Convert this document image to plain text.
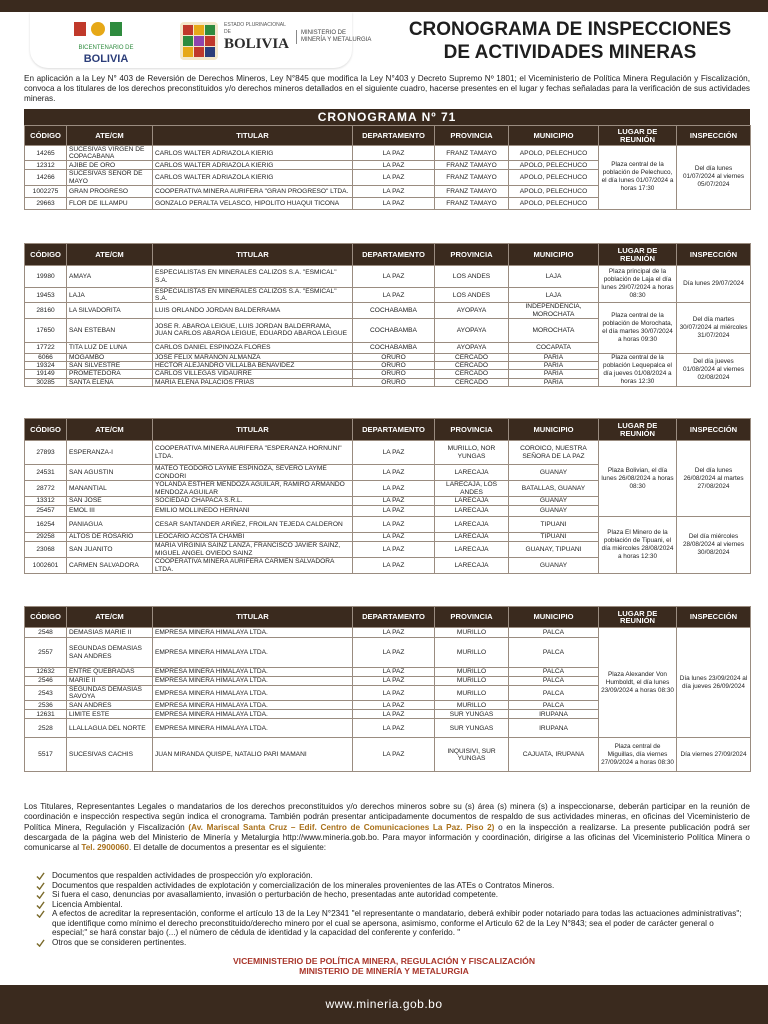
BICENTENARIO DE
BOLIVIA
ESTADO PLURINACIONAL DE
BOLIVIA
MINISTERIO DE
MINERÍA Y METALURGIA	CRONOGRAMA DE INSPECCIONES
DE ACTIVIDADES MINERAS
En aplicación a la Ley N° 403 de Reversión de Derechos Mineros, Ley N°845 que modifica la Ley N°403 y Decreto Supremo Nº 1801; el Viceministerio de Política Minera Regulación y Fiscalización, convoca a los titulares de los derechos preconstituidos y/o derechos mineros detallados en el siguiente cuadro, hacerse presentes en el lugar y fechas señaladas para la verificación de sus actividades mineras.
CRONOGRAMA Nº 71
CÓDIGO	ATE/CM	TITULAR	DEPARTAMENTO	PROVINCIA	MUNICIPIO	LUGAR DE REUNIÓN	INSPECCIÓN
14265	SUCESIVAS VIRGEN DE COPACABANA	CARLOS WALTER ADRIAZOLA KIERIG	LA PAZ	FRANZ TAMAYO	APOLO, PELECHUCO	Plaza central de la población de Pelechuco, el día lunes 01/07/2024 a horas 17:30	Del día lunes 01/07/2024 al viernes 05/07/2024
12312	AJIBE DE ORO	CARLOS WALTER ADRIAZOLA KIERIG	LA PAZ	FRANZ TAMAYO	APOLO, PELECHUCO		
14266	SUCESIVAS SEÑOR DE MAYO	CARLOS WALTER ADRIAZOLA KIERIG	LA PAZ	FRANZ TAMAYO	APOLO, PELECHUCO		
1002275	GRAN PROGRESO	COOPERATIVA MINERA AURIFERA "GRAN PROGRESO" LTDA.	LA PAZ	FRANZ TAMAYO	APOLO, PELECHUCO		
29663	FLOR DE ILLAMPU	GONZALO PERALTA VELASCO, HIPOLITO HUAQUI TICONA	LA PAZ	FRANZ TAMAYO	APOLO, PELECHUCO		
CÓDIGO	ATE/CM	TITULAR	DEPARTAMENTO	PROVINCIA	MUNICIPIO	LUGAR DE REUNIÓN	INSPECCIÓN
19980	AMAYA	ESPECIALISTAS EN MINERALES CALIZOS S.A. "ESMICAL" S.A.	LA PAZ	LOS ANDES	LAJA	Plaza principal de la población de Laja el día lunes 29/07/2024 a horas 08:30	Día lunes 29/07/2024
19453	LAJA	ESPECIALISTAS EN MINERALES CALIZOS S.A. "ESMICAL" S.A.	LA PAZ	LOS ANDES	LAJA		
28160	LA SILVADORITA	LUIS ORLANDO JORDAN BALDERRAMA	COCHABAMBA	AYOPAYA	INDEPENDENCIA, MOROCHATA	Plaza central de la población de Morochata, el día martes 30/07/2024 a horas 09:30	Del día martes 30/07/2024 al miércoles 31/07/2024
17650	SAN ESTEBAN	JOSE R. ABAROA LEIGUE, LUIS JORDAN BALDERRAMA, JUAN CARLOS ABAROA LEIGUE, EDUARDO ABAROA LEIGUE	COCHABAMBA	AYOPAYA	MOROCHATA		
17722	TITA LUZ DE LUNA	CARLOS DANIEL ESPINOZA FLORES	COCHABAMBA	AYOPAYA	COCAPATA		
6066	MOGAMBO	JOSE FELIX MARAÑON ALMANZA	ORURO	CERCADO	PARIA	Plaza central de la población Lequepalca el día jueves 01/08/2024 a horas 12:30	Del día jueves 01/08/2024 al viernes 02/08/2024
19324	SAN SILVESTRE	HECTOR ALEJANDRO VILLALBA BENAVIDEZ	ORURO	CERCADO	PARIA		
19149	PROMETEDORA	CARLOS VILLEGAS VIDAURRE	ORURO	CERCADO	PARIA		
30285	SANTA ELENA	MARIA ELENA PALACIOS FRIAS	ORURO	CERCADO	PARIA		
CÓDIGO	ATE/CM	TITULAR	DEPARTAMENTO	PROVINCIA	MUNICIPIO	LUGAR DE REUNIÓN	INSPECCIÓN
27893	ESPERANZA-I	COOPERATIVA MINERA AURIFERA "ESPERANZA HORNUNI" LTDA.	LA PAZ	MURILLO, NOR YUNGAS	COROICO, NUESTRA SEÑORA DE LA PAZ	Plaza Bolivian, el día lunes 26/08/2024 a horas 08:30	Del día lunes 26/08/2024 al martes 27/08/2024
24531	SAN AGUSTIN	MATEO TEODORO LAYME ESPINOZA, SEVERO LAYME CONDORI	LA PAZ	LARECAJA	GUANAY		
28772	MANANTIAL	YOLANDA ESTHER MENDOZA AGUILAR, RAMIRO ARMANDO MENDOZA AGUILAR	LA PAZ	LARECAJA, LOS ANDES	BATALLAS, GUANAY		
13312	SAN JOSE	SOCIEDAD CHAPACA S.R.L.	LA PAZ	LARECAJA	GUANAY		
25457	EMOL III	EMILIO MOLLINEDO HERNANI	LA PAZ	LARECAJA	GUANAY		
16254	PANIAGUA	CESAR SANTANDER ARIÑEZ, FROILAN TEJEDA CALDERON	LA PAZ	LARECAJA	TIPUANI	Plaza El Minero de la población de Tipuani, el día miércoles 28/08/2024 a horas 12:30	Del día miércoles 28/08/2024 al viernes 30/08/2024
29258	ALTOS DE ROSARIO	LEOCARIO ACOSTA CHAMBI	LA PAZ	LARECAJA	TIPUANI		
23068	SAN JUANITO	MARIA VIRGINIA SAINZ LANZA, FRANCISCO JAVIER SAINZ, MIGUEL ANGEL OVIEDO SAINZ	LA PAZ	LARECAJA	GUANAY, TIPUANI		
1002601	CARMEN SALVADORA	COOPERATIVA MINERA AURIFERA CARMEN SALVADORA LTDA.	LA PAZ	LARECAJA	GUANAY		
CÓDIGO	ATE/CM	TITULAR	DEPARTAMENTO	PROVINCIA	MUNICIPIO	LUGAR DE REUNIÓN	INSPECCIÓN
2548	DEMASIAS MARIE II	EMPRESA MINERA HIMALAYA LTDA.	LA PAZ	MURILLO	PALCA	Plaza Alexander Von Humboldt, el día lunes 23/09/2024 a horas 08:30	Día lunes 23/09/2024 al día jueves 26/09/2024
2557	SEGUNDAS DEMASIAS SAN ANDRES	EMPRESA MINERA HIMALAYA LTDA.	LA PAZ	MURILLO	PALCA		
12632	ENTRE QUEBRADAS	EMPRESA MINERA HIMALAYA LTDA.	LA PAZ	MURILLO	PALCA		
2546	MARIE II	EMPRESA MINERA HIMALAYA LTDA.	LA PAZ	MURILLO	PALCA		
2543	SEGUNDAS DEMASIAS SAVOYA	EMPRESA MINERA HIMALAYA LTDA.	LA PAZ	MURILLO	PALCA		
2536	SAN ANDRES	EMPRESA MINERA HIMALAYA LTDA.	LA PAZ	MURILLO	PALCA		
12631	LIMITE ESTE	EMPRESA MINERA HIMALAYA LTDA.	LA PAZ	SUR YUNGAS	IRUPANA		
2528	LLALLAGUA DEL NORTE	EMPRESA MINERA HIMALAYA LTDA.	LA PAZ	SUR YUNGAS	IRUPANA		
5517	SUCESIVAS CACHIS	JUAN MIRANDA QUISPE, NATALIO PARI MAMANI	LA PAZ	INQUISIVI, SUR YUNGAS	CAJUATA, IRUPANA	Plaza central de Miguillas, día viernes 27/09/2024 a horas 08:30	Día viernes 27/09/2024
Los Titulares, Representantes Legales o mandatarios de los derechos preconstituidos y/o derechos mineros sobre su (s) área (s) minera (s) a inspeccionarse, deberán participar en la reunión de coordinación e inspección respectiva según indica el cronograma. También podrán presentar anticipadamente documentos de respaldo de sus actividades mineras, en oficinas del Viceministerio de Política Minera, Regulación y Fiscalización (Av. Mariscal Santa Cruz – Edif. Centro de Comunicaciones La Paz. Piso 2) o en la inspección a realizarse. La presente publicación podrá ser descargada de la página web del Ministerio de Minería y Metalurgia http://www.mineria.gob.bo. Para mayor información y coordinación, dirigirse a las oficinas del Viceministerio Política Minera o comunicarse al Tel. 2900060. El detalle de documentos a presentar es el siguiente:
Documentos que respalden actividades de prospección y/o exploración.
Documentos que respalden actividades de explotación y comercialización de los minerales provenientes de las ATEs o Contratos Mineros.
Si fuera el caso, denuncias por avasallamiento, invasión o perturbación de hecho, presentadas ante autoridad competente.
Licencia Ambiental.
A efectos de acreditar la representación, conforme el artículo 13 de la Ley N°2341 "el representante o mandatario, deberá exhibir poder notariado para todas las actuaciones administrativas"; que identifique como mínimo el derecho preconstituido/derecho minero por el cual se apersona, asimismo, conforme el Articulo 62 de la Ley N°843; sea el poder de carácter general o especial;" se hará constar bajo (...) el número de cédula de identidad y la capacidad del conferente y conferido. "
Otros que se consideren pertinentes.
VICEMINISTERIO DE POLÍTICA MINERA, REGULACIÓN Y FISCALIZACIÓN
MINISTERIO DE MINERÍA Y METALURGIA
www.mineria.gob.bo
